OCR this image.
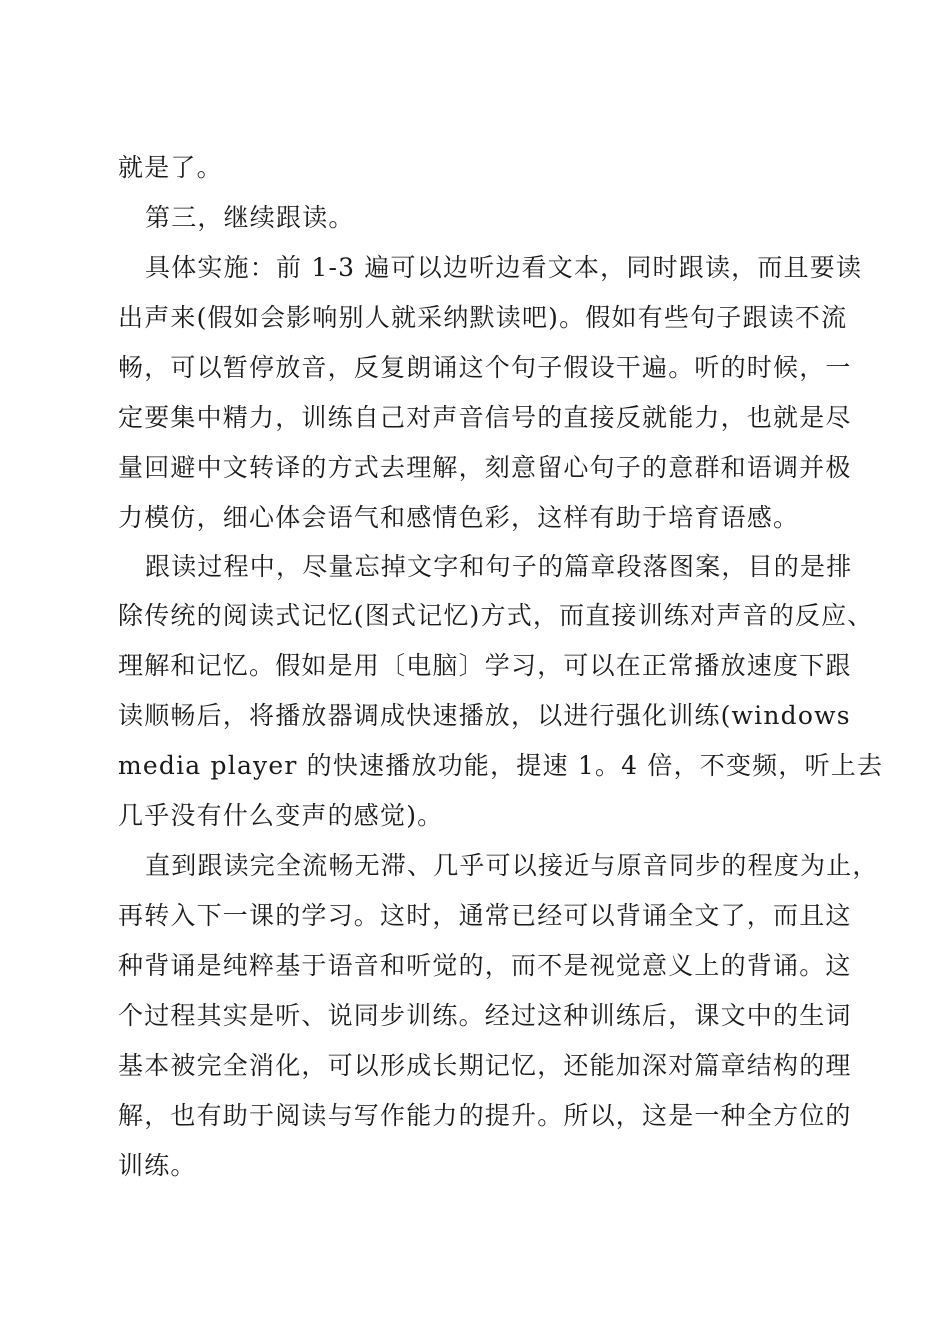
就是了。
第三，继续跟读。
具体实施：前 1-3 遍可以边听边看文本，同时跟读，而且要读
出声来(假如会影响别人就采纳默读吧)。假如有些句子跟读不流
畅，可以暂停放音，反复朗诵这个句子假设干遍。听的时候，一
定要集中精力，训练自己对声音信号的直接反就能力，也就是尽
量回避中文转译的方式去理解，刻意留心句子的意群和语调并极
力模仿，细心体会语气和感情色彩，这样有助于培育语感。
跟读过程中，尽量忘掉文字和句子的篇章段落图案，目的是排
除传统的阅读式记忆(图式记忆)方式，而直接训练对声音的反应、
理解和记忆。假如是用〔电脑〕学习，可以在正常播放速度下跟
读顺畅后，将播放器调成快速播放，以进行强化训练(windows
media player 的快速播放功能，提速 1。4 倍，不变频，听上去
几乎没有什么变声的感觉)。
直到跟读完全流畅无滞、几乎可以接近与原音同步的程度为止，
再转入下一课的学习。这时，通常已经可以背诵全文了，而且这
种背诵是纯粹基于语音和听觉的，而不是视觉意义上的背诵。这
个过程其实是听、说同步训练。经过这种训练后，课文中的生词
基本被完全消化，可以形成长期记忆，还能加深对篇章结构的理
解，也有助于阅读与写作能力的提升。所以，这是一种全方位的
训练。
